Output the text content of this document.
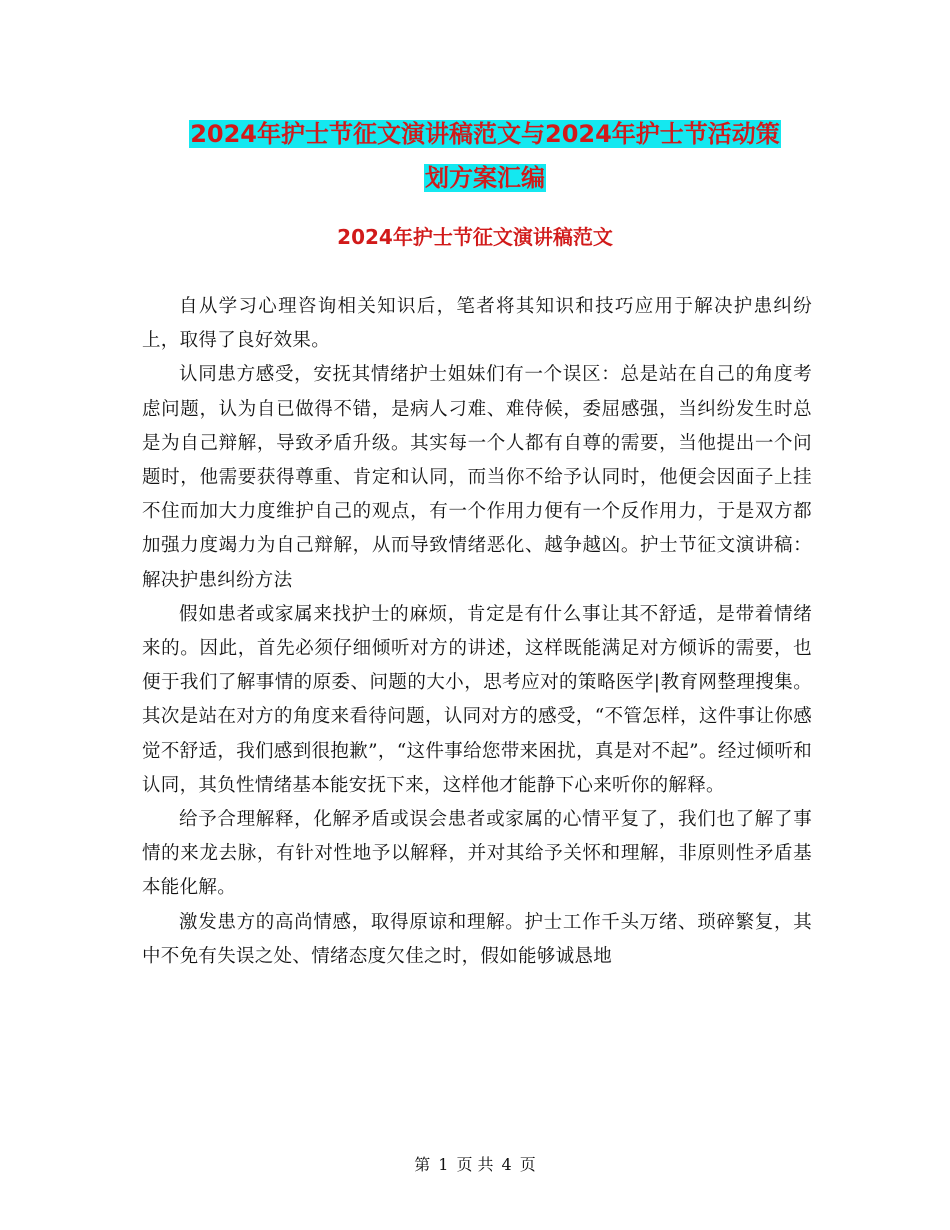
2024年护士节征文演讲稿范文与2024年护士节活动策
划方案汇编
2024年护士节征文演讲稿范文

自从学习心理咨询相关知识后，笔者将其知识和技巧应用于解决护患纠纷上，取得了良好效果。

认同患方感受，安抚其情绪护士姐妹们有一个误区：总是站在自己的角度考虑问题，认为自已做得不错，是病人刁难、难侍候，委屈感强，当纠纷发生时总是为自己辩解，导致矛盾升级。其实每一个人都有自尊的需要，当他提出一个问题时，他需要获得尊重、肯定和认同，而当你不给予认同时，他便会因面子上挂不住而加大力度维护自己的观点，有一个作用力便有一个反作用力，于是双方都加强力度竭力为自己辩解，从而导致情绪恶化、越争越凶。护士节征文演讲稿：解决护患纠纷方法

假如患者或家属来找护士的麻烦，肯定是有什么事让其不舒适，是带着情绪来的。因此，首先必须仔细倾听对方的讲述，这样既能满足对方倾诉的需要，也便于我们了解事情的原委、问题的大小，思考应对的策略医学|教育网整理搜集。其次是站在对方的角度来看待问题，认同对方的感受，“不管怎样，这件事让你感觉不舒适，我们感到很抱歉”，“这件事给您带来困扰，真是对不起”。经过倾听和认同，其负性情绪基本能安抚下来，这样他才能静下心来听你的解释。

给予合理解释，化解矛盾或误会患者或家属的心情平复了，我们也了解了事情的来龙去脉，有针对性地予以解释，并对其给予关怀和理解，非原则性矛盾基本能化解。

激发患方的高尚情感，取得原谅和理解。护士工作千头万绪、琐碎繁复，其中不免有失误之处、情绪态度欠佳之时，假如能够诚恳地

第 1 页 共 4 页
